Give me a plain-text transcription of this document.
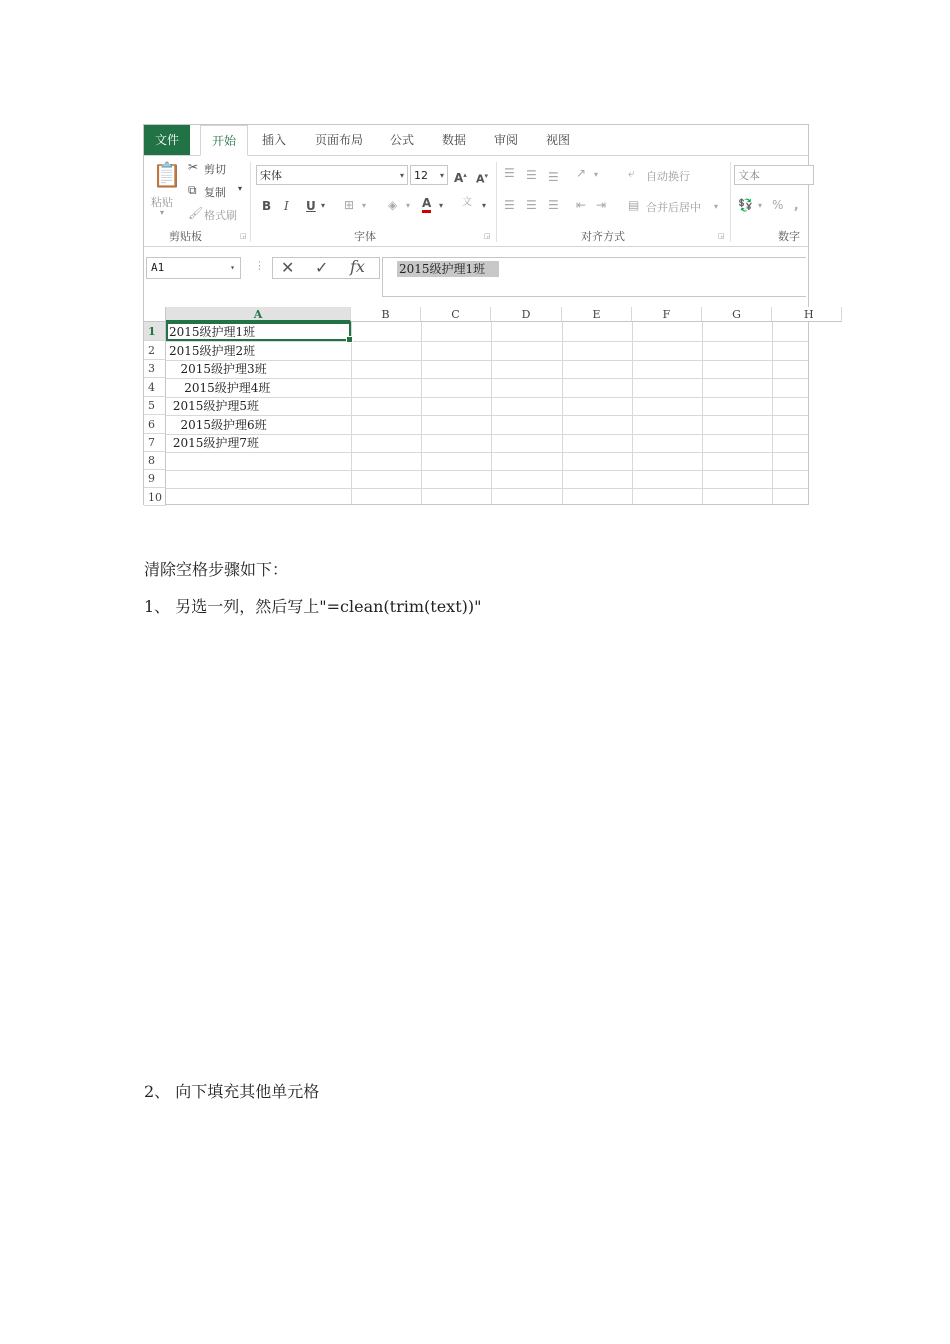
文件	开始	插入	页面布局	公式	数据	审阅	视图
📋
粘贴
▾
✂ 剪切
⧉ 复制 ▾
🖌 格式刷
剪贴板	◲
宋体	▾ 12 ▾ A▴ A▾
B I U ▾ ⊞ ▾ ◈ ▾ A ▾ 文 ▾
字体	◲
☰ ☰ ☰ ↗ ▾ ⤶ 自动换行
☰ ☰ ☰ ⇤ ⇥ ▤ 合并后居中 ▾
对齐方式	◲
文本
💱 ▾ % ,
数字
A1	▾ ⋮ ✕ ✓ fx	2015级护理1班
A	B	C	D	E	F	G	H
1	2015级护理1班
2	2015级护理2班
3	2015级护理3班
4	2015级护理4班
5	2015级护理5班
6	2015级护理6班
7	2015级护理7班
8
9
10
清除空格步骤如下：
1、 另选一列，然后写上"=clean(trim(text))"
2、 向下填充其他单元格
